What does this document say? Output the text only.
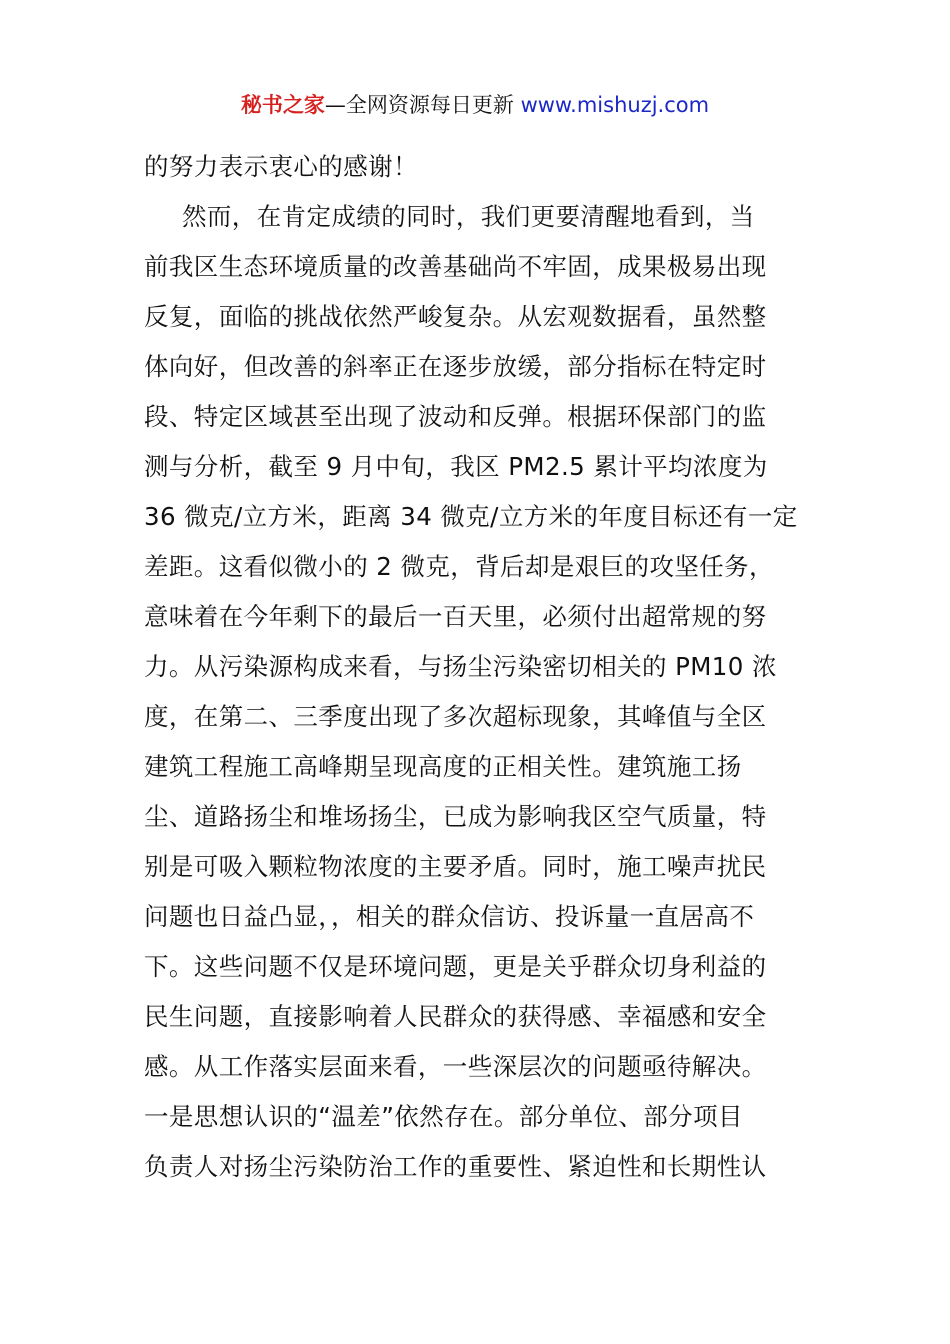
秘书之家—全网资源每日更新 www.mishuzj.com
的努力表示衷心的感谢！
然而，在肯定成绩的同时，我们更要清醒地看到，当
前我区生态环境质量的改善基础尚不牢固，成果极易出现
反复，面临的挑战依然严峻复杂。从宏观数据看，虽然整
体向好，但改善的斜率正在逐步放缓，部分指标在特定时
段、特定区域甚至出现了波动和反弹。根据环保部门的监
测与分析，截至 9 月中旬，我区 PM2.5 累计平均浓度为
36 微克/立方米，距离 34 微克/立方米的年度目标还有一定
差距。这看似微小的 2 微克，背后却是艰巨的攻坚任务，
意味着在今年剩下的最后一百天里，必须付出超常规的努
力。从污染源构成来看，与扬尘污染密切相关的 PM10 浓
度，在第二、三季度出现了多次超标现象，其峰值与全区
建筑工程施工高峰期呈现高度的正相关性。建筑施工扬
尘、道路扬尘和堆场扬尘，已成为影响我区空气质量，特
别是可吸入颗粒物浓度的主要矛盾。同时，施工噪声扰民
问题也日益凸显，，相关的群众信访、投诉量一直居高不
下。这些问题不仅是环境问题，更是关乎群众切身利益的
民生问题，直接影响着人民群众的获得感、幸福感和安全
感。从工作落实层面来看，一些深层次的问题亟待解决。
一是思想认识的“温差”依然存在。部分单位、部分项目
负责人对扬尘污染防治工作的重要性、紧迫性和长期性认
